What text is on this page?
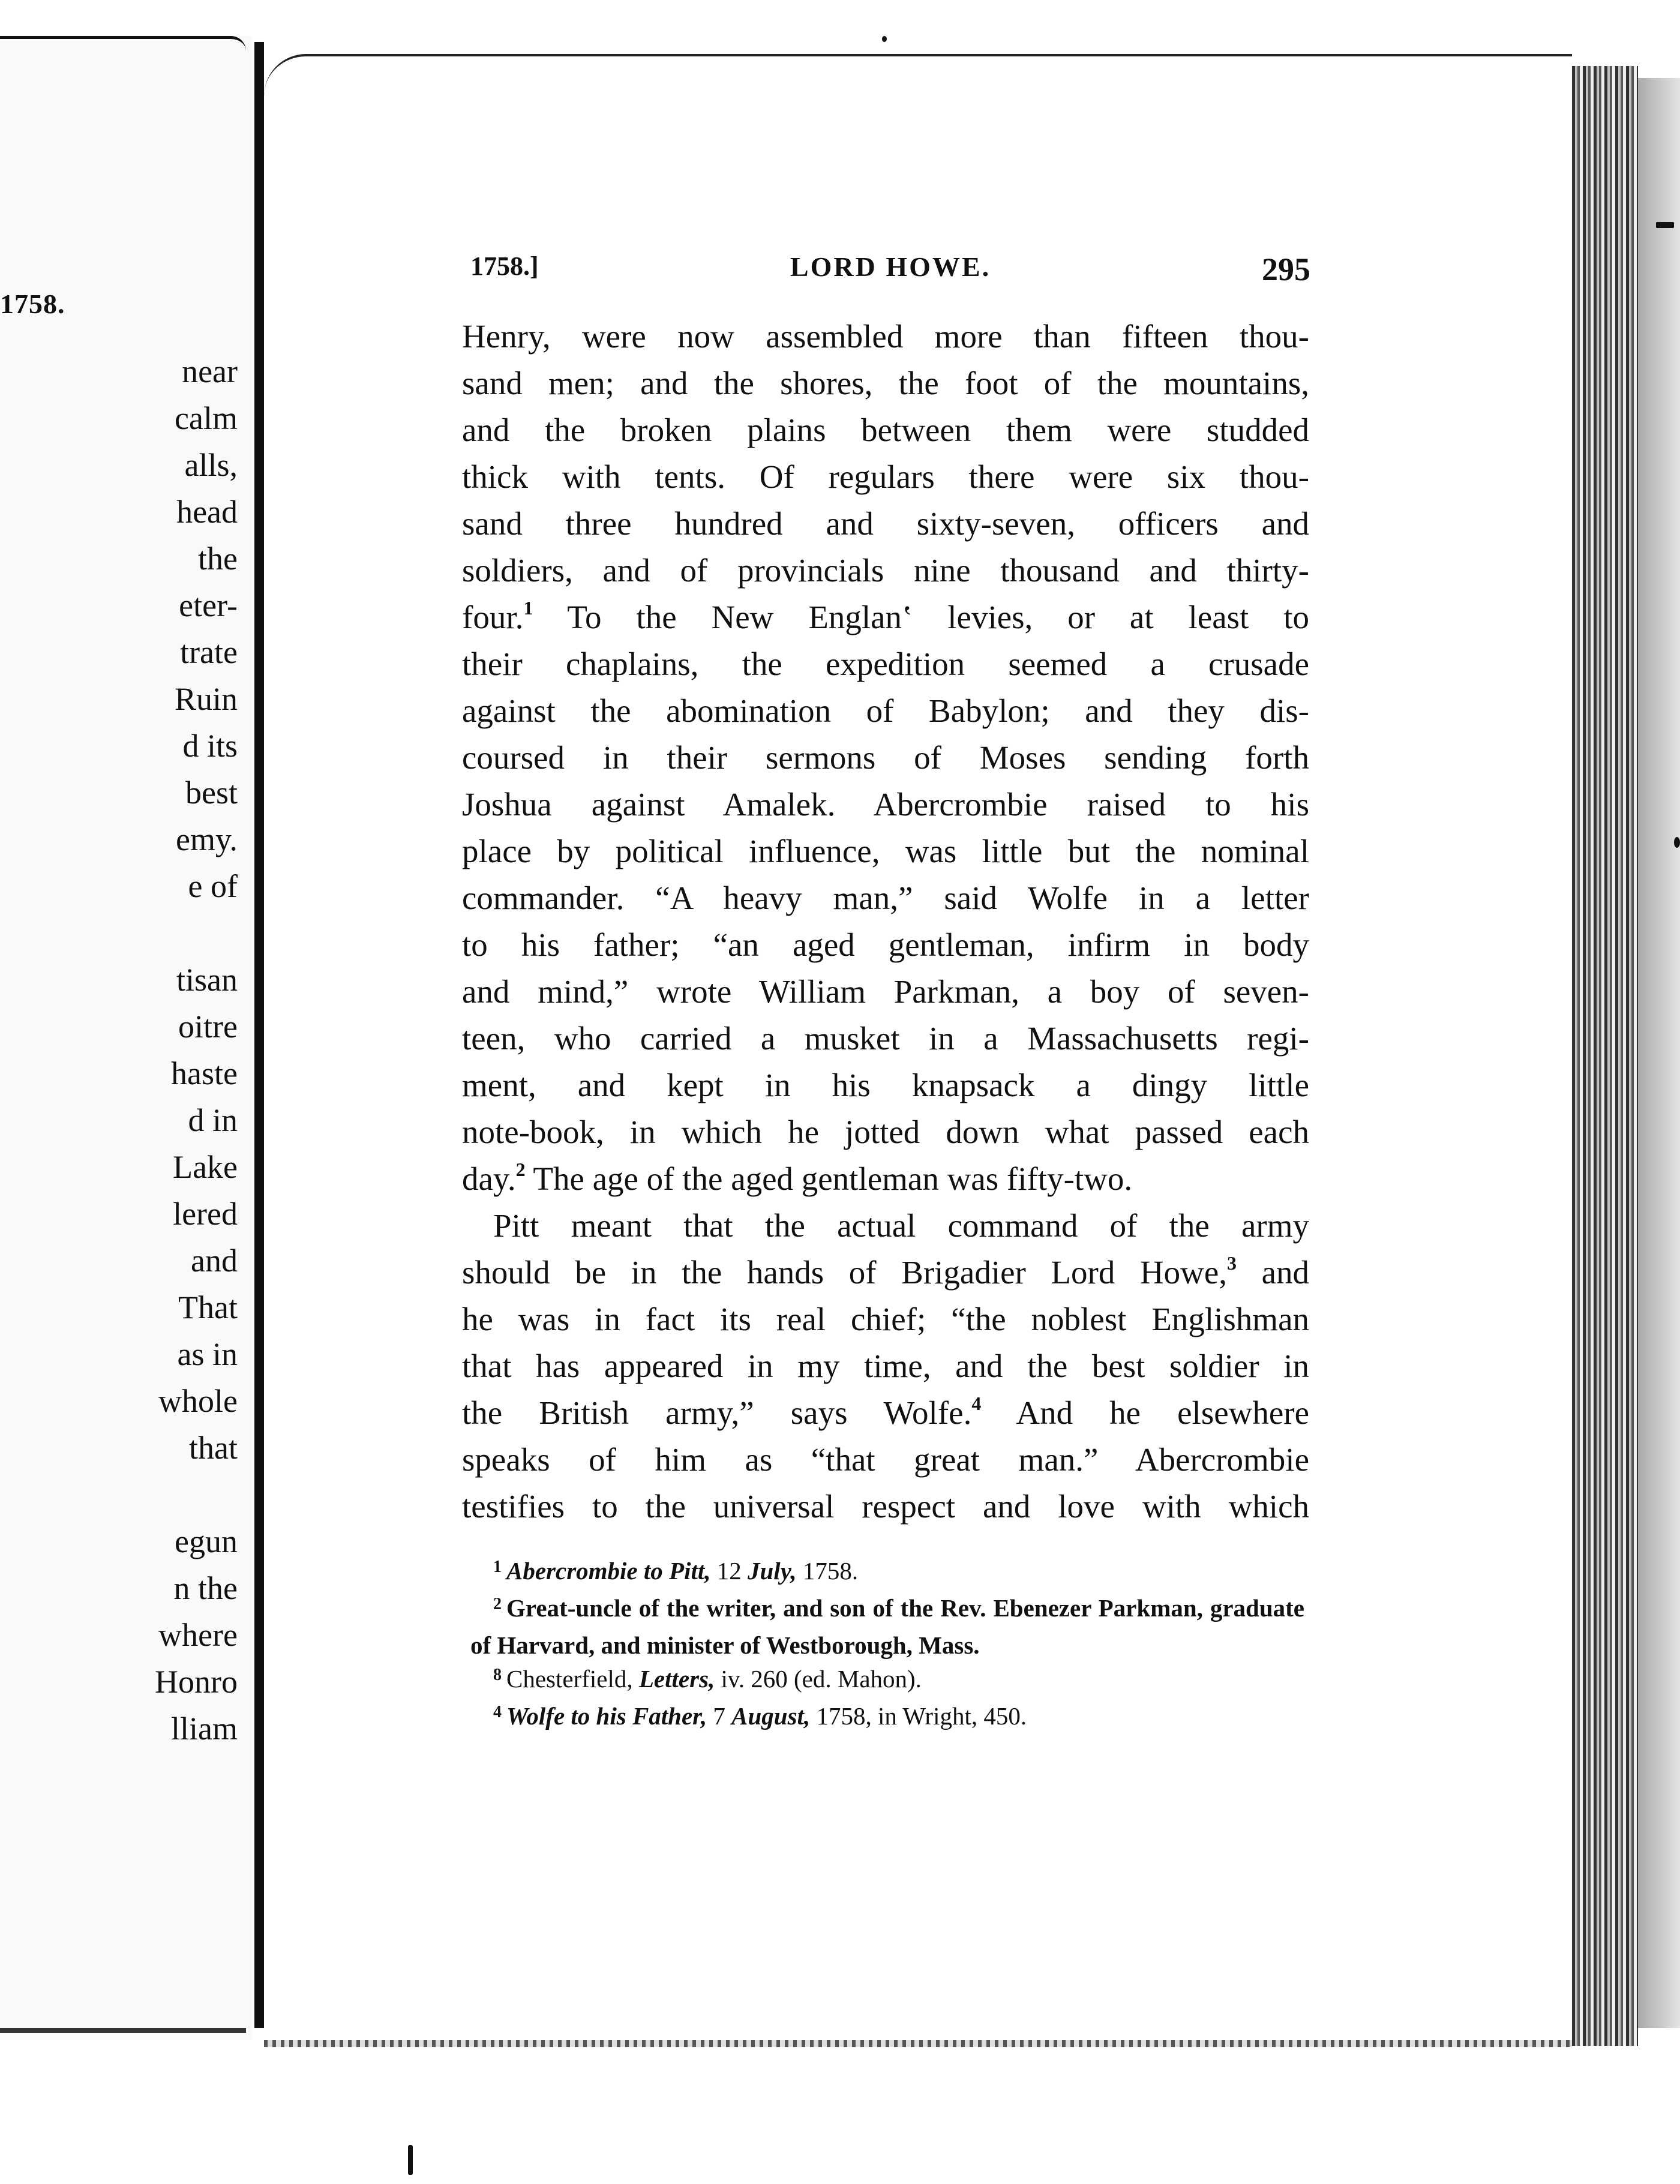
1758.
near
calm
alls,
head
the
eter-
trate
Ruin
d its
best
emy.
e of
tisan
oitre
haste
d in
Lake
lered
and
That
as in
whole
that
egun
n the
where
Honro
lliam
1758.]	LORD HOWE.	295
Henry, were now assembled more than fifteen thou-
sand men; and the shores, the foot of the mountains,
and the broken plains between them were studded
thick with tents. Of regulars there were six thou-
sand three hundred and sixty-seven, officers and
soldiers, and of provincials nine thousand and thirty-
four.$^1$ To the New Englanʽ levies, or at least to
their chaplains, the expedition seemed a crusade
against the abomination of Babylon; and they dis-
coursed in their sermons of Moses sending forth
Joshua against Amalek. Abercrombie raised to his
place by political influence, was little but the nominal
commander. “A heavy man,” said Wolfe in a letter
to his father; “an aged gentleman, infirm in body
and mind,” wrote William Parkman, a boy of seven-
teen, who carried a musket in a Massachusetts regi-
ment, and kept in his knapsack a dingy little
note-book, in which he jotted down what passed each
day.$^2$ The age of the aged gentleman was fifty-two.
Pitt meant that the actual command of the army
should be in the hands of Brigadier Lord Howe,$^3$ and
he was in fact its real chief; “the noblest Englishman
that has appeared in my time, and the best soldier in
the British army,” says Wolfe.$^4$ And he elsewhere
speaks of him as “that great man.” Abercrombie
testifies to the universal respect and love with which
$^1$ Abercrombie to Pitt, 12 July, 1758.
$^2$ Great-uncle of the writer, and son of the Rev. Ebenezer Parkman, graduate of Harvard, and minister of Westborough, Mass.
$^8$ Chesterfield, Letters, iv. 260 (ed. Mahon).
$^4$ Wolfe to his Father, 7 August, 1758, in Wright, 450.
